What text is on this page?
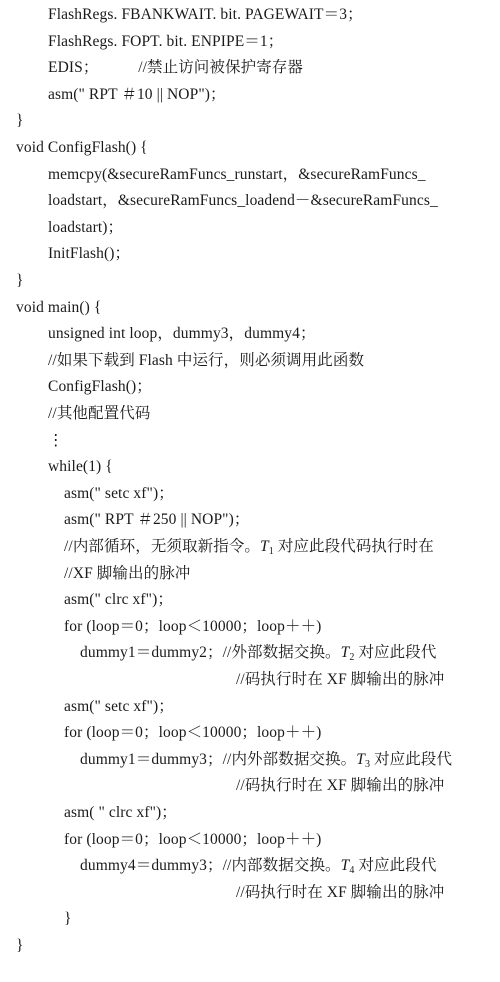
FlashRegs. FBANKWAIT. bit. PAGEWAIT＝3；
FlashRegs. FOPT. bit. ENPIPE＝1；
EDIS；          //禁止访问被保护寄存器
asm(" RPT ＃10 || NOP")；
}
void ConfigFlash() {
memcpy(&secureRamFuncs_runstart，&secureRamFuncs_
loadstart，&secureRamFuncs_loadend－&secureRamFuncs_
loadstart)；
InitFlash()；
}
void main() {
unsigned int loop，dummy3，dummy4；
//如果下载到 Flash 中运行，则必须调用此函数
ConfigFlash()；
//其他配置代码
⋮
while(1) {
asm(" setc xf")；
asm(" RPT ＃250 || NOP")；
//内部循环，无须取新指令。$T_1$ 对应此段代码执行时在
//XF 脚输出的脉冲
asm(" clrc xf")；
for (loop＝0；loop＜10000；loop＋＋)
dummy1＝dummy2；//外部数据交换。$T_2$ 对应此段代
//码执行时在 XF 脚输出的脉冲
asm(" setc xf")；
for (loop＝0；loop＜10000；loop＋＋)
dummy1＝dummy3；//内外部数据交换。$T_3$ 对应此段代
//码执行时在 XF 脚输出的脉冲
asm( " clrc xf")；
for (loop＝0；loop＜10000；loop＋＋)
dummy4＝dummy3；//内部数据交换。$T_4$ 对应此段代
//码执行时在 XF 脚输出的脉冲
}
}
